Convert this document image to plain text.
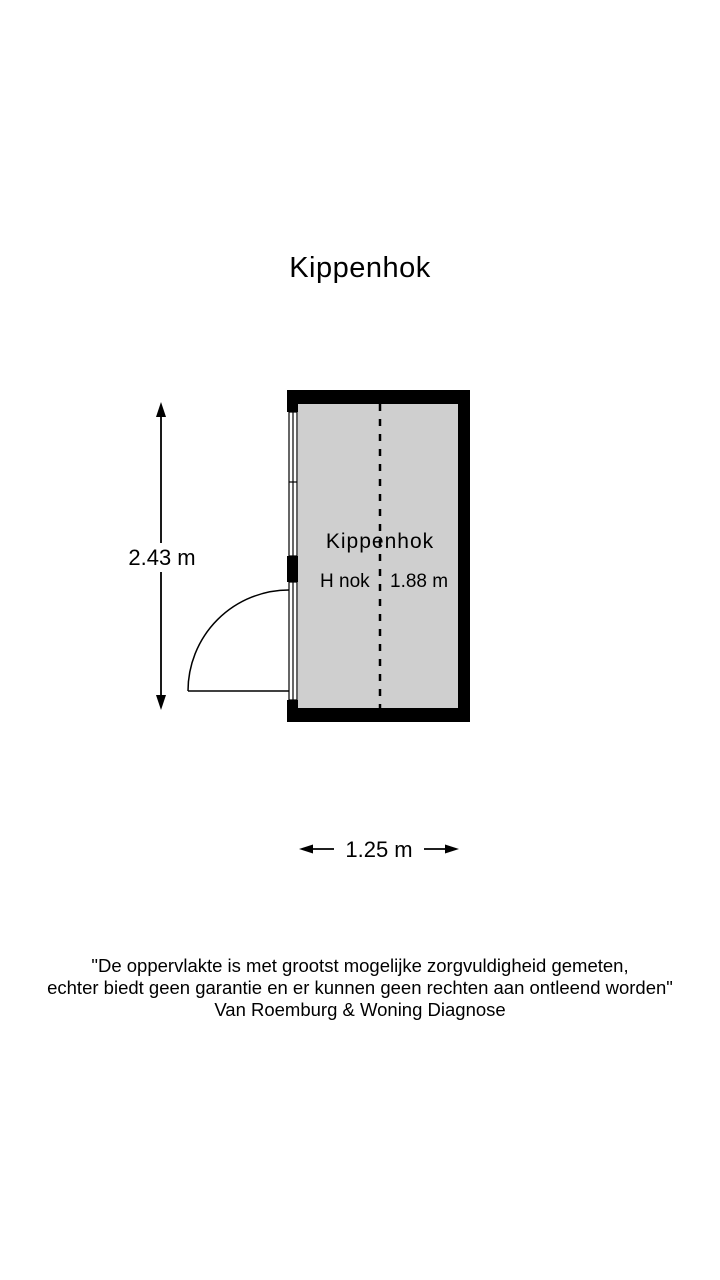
Kippenhok
Kippenhok
H nok 1.88 m
2.43 m
1.25 m
"De oppervlakte is met grootst mogelijke zorgvuldigheid gemeten,
echter biedt geen garantie en er kunnen geen rechten aan ontleend worden"
Van Roemburg & Woning Diagnose
